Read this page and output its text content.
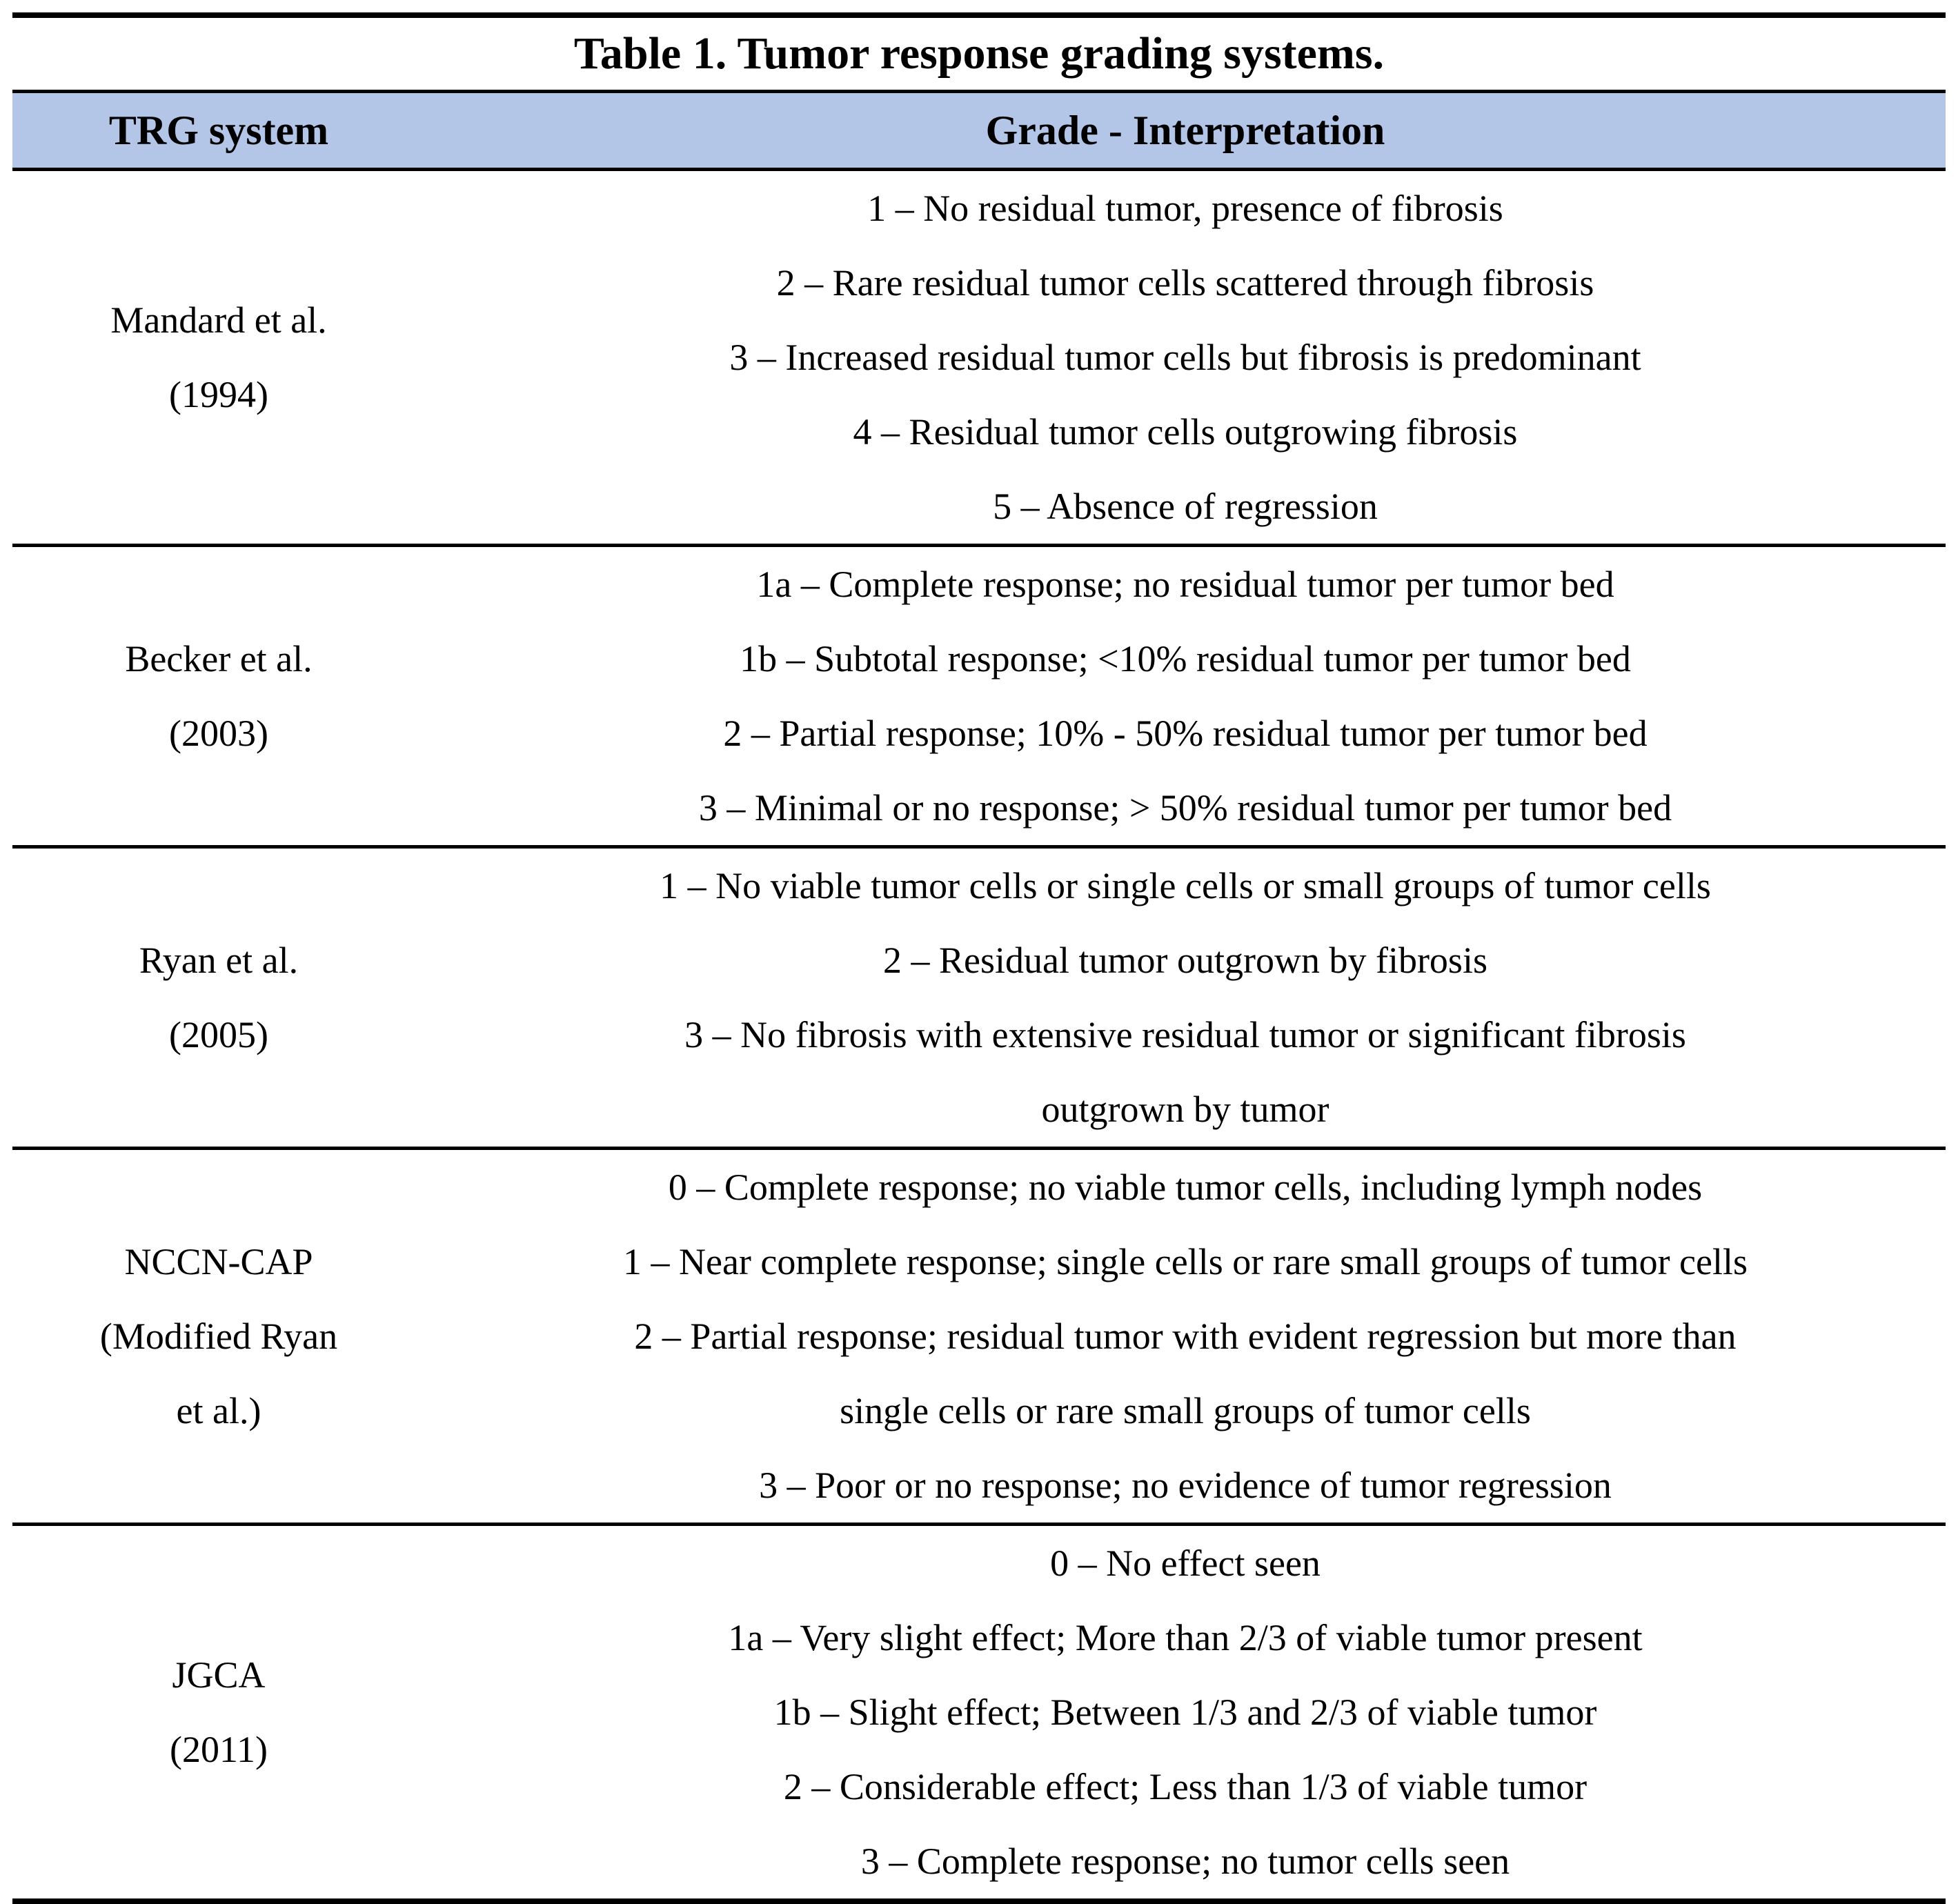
Table 1. Tumor response grading systems.	
TRG system	Grade - Interpretation

Mandard et al.
(1994)

1 – No residual tumor, presence of fibrosis
2 – Rare residual tumor cells scattered through fibrosis
3 – Increased residual tumor cells but fibrosis is predominant
4 – Residual tumor cells outgrowing fibrosis
5 – Absence of regression

Becker et al.
(2003)

1a – Complete response; no residual tumor per tumor bed
1b – Subtotal response; <10% residual tumor per tumor bed
2 – Partial response; 10% - 50% residual tumor per tumor bed
3 – Minimal or no response; > 50% residual tumor per tumor bed

Ryan et al.
(2005)

1 – No viable tumor cells or single cells or small groups of tumor cells
2 – Residual tumor outgrown by fibrosis
3 – No fibrosis with extensive residual tumor or significant fibrosis
outgrown by tumor

NCCN-CAP
(Modified Ryan
et al.)

0 – Complete response; no viable tumor cells, including lymph nodes
1 – Near complete response; single cells or rare small groups of tumor cells
2 – Partial response; residual tumor with evident regression but more than
single cells or rare small groups of tumor cells
3 – Poor or no response; no evidence of tumor regression

JGCA
(2011)

0 – No effect seen
1a – Very slight effect; More than 2/3 of viable tumor present
1b – Slight effect; Between 1/3 and 2/3 of viable tumor
2 – Considerable effect; Less than 1/3 of viable tumor
3 – Complete response; no tumor cells seen
